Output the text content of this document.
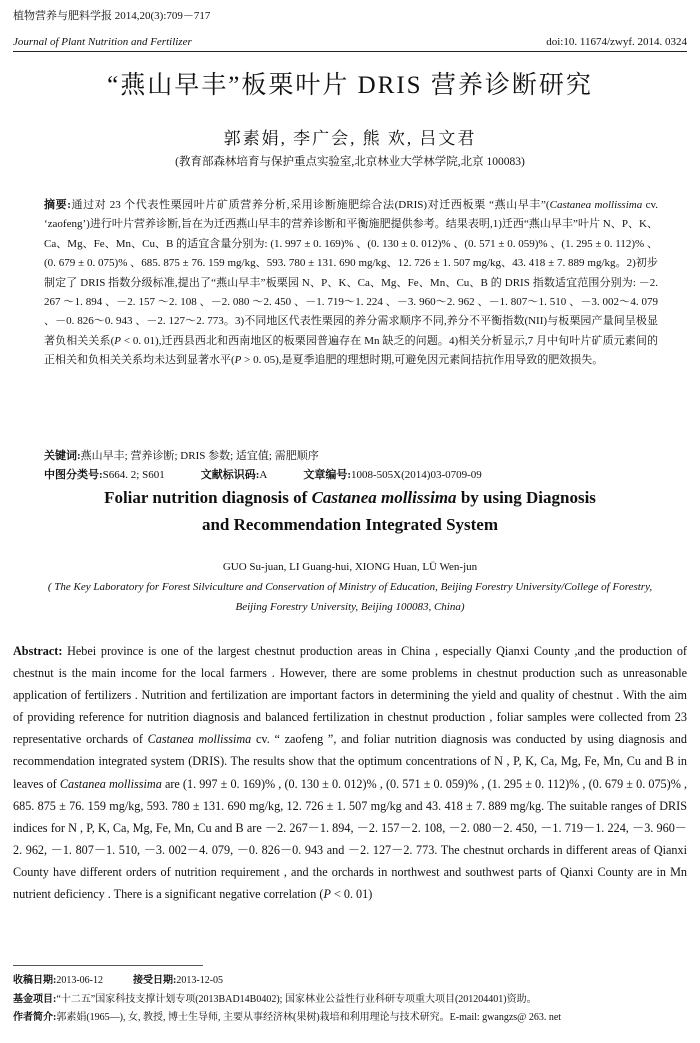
植物营养与肥料学报 2014,20(3):709－717
Journal of Plant Nutrition and Fertilizer	doi:10. 11674/zwyf. 2014. 0324
“燕山早丰”板栗叶片 DRIS 营养诊断研究
郭素娟, 李广会, 熊 欢, 吕文君
(教育部森林培育与保护重点实验室,北京林业大学林学院,北京 100083)
摘要:通过对 23 个代表性栗园叶片矿质营养分析,采用诊断施肥综合法(DRIS)对迁西板栗 “燕山早丰”(Castanea mollissima cv. ‘zaofeng’)进行叶片营养诊断,旨在为迁西燕山早丰的营养诊断和平衡施肥提供参考。结果表明,1)迁西“燕山早丰”叶片 N、P、K、Ca、Mg、Fe、Mn、Cu、B 的适宜含量分别为: (1. 997 ± 0. 169)% 、(0. 130 ± 0. 012)% 、(0. 571 ± 0. 059)% 、(1. 295 ± 0. 112)% 、(0. 679 ± 0. 075)% 、685. 875 ± 76. 159 mg/kg、593. 780 ± 131. 690 mg/kg、12. 726 ± 1. 507 mg/kg、43. 418 ± 7. 889 mg/kg。2)初步制定了 DRIS 指数分级标准,提出了“燕山早丰”板栗园 N、P、K、Ca、Mg、Fe、Mn、Cu、B 的 DRIS 指数适宜范围分别为: －2. 267 ～1. 894 、－2. 157 ～2. 108 、－2. 080 ～2. 450 、－1. 719～1. 224 、－3. 960～2. 962 、－1. 807～1. 510 、－3. 002～4. 079 、－0. 826～0. 943 、－2. 127～2. 773。3)不同地区代表性栗园的养分需求顺序不同,养分不平衡指数(NII)与板栗园产量间呈极显著负相关关系(P < 0. 01),迁西县西北和西南地区的板栗园普遍存在 Mn 缺乏的问题。4)相关分析显示,7 月中旬叶片矿质元素间的正相关和负相关关系均未达到显著水平(P > 0. 05),是夏季追肥的理想时期,可避免因元素间拮抗作用导致的肥效损失。
关键词:燕山早丰; 营养诊断; DRIS 参数; 适宜值; 需肥顺序
中图分类号:S664. 2; S601	文献标识码:A	文章编号:1008-505X(2014)03-0709-09
Foliar nutrition diagnosis of Castanea mollissima by using Diagnosis
and Recommendation Integrated System
GUO Su-juan, LI Guang-hui, XIONG Huan, LÜ Wen-jun
( The Key Laboratory for Forest Silviculture and Conservation of Ministry of Education, Beijing Forestry University/College of Forestry, Beijing Forestry University, Beijing 100083, China)
Abstract: Hebei province is one of the largest chestnut production areas in China , especially Qianxi County ,and the production of chestnut is the main income for the local farmers . However, there are some problems in chestnut production such as unreasonable application of fertilizers . Nutrition and fertilization are important factors in determining the yield and quality of chestnut . With the aim of providing reference for nutrition diagnosis and balanced fertilization in chestnut production , foliar samples were collected from 23 representative orchards of Castanea mollissima cv. “ zaofeng ”, and foliar nutrition diagnosis was conducted by using diagnosis and recommendation integrated system (DRIS). The results show that the optimum concentrations of N , P, K, Ca, Mg, Fe, Mn, Cu and B in leaves of Castanea mollissima are (1. 997 ± 0. 169)% , (0. 130 ± 0. 012)% , (0. 571 ± 0. 059)% , (1. 295 ± 0. 112)% , (0. 679 ± 0. 075)% , 685. 875 ± 76. 159 mg/kg, 593. 780 ± 131. 690 mg/kg, 12. 726 ± 1. 507 mg/kg and 43. 418 ± 7. 889 mg/kg. The suitable ranges of DRIS indices for N , P, K, Ca, Mg, Fe, Mn, Cu and B are －2. 267－1. 894, －2. 157－2. 108, －2. 080－2. 450, －1. 719－1. 224, －3. 960－2. 962, －1. 807－1. 510, －3. 002－4. 079, －0. 826－0. 943 and －2. 127－2. 773. The chestnut orchards in different areas of Qianxi County have different orders of nutrition requirement , and the orchards in northwest and southwest parts of Qianxi County are in Mn nutrient deficiency . There is a significant negative correlation (P < 0. 01)
收稿日期:2013-06-12	接受日期:2013-12-05
基金项目:“十二五”国家科技支撑计划专项(2013BAD14B0402); 国家林业公益性行业科研专项重大项目(201204401)资助。
作者简介:郭素娟(1965—), 女, 教授, 博士生导师, 主要从事经济林(果树)栽培和利用理论与技术研究。E-mail: gwangzs@ 263. net
